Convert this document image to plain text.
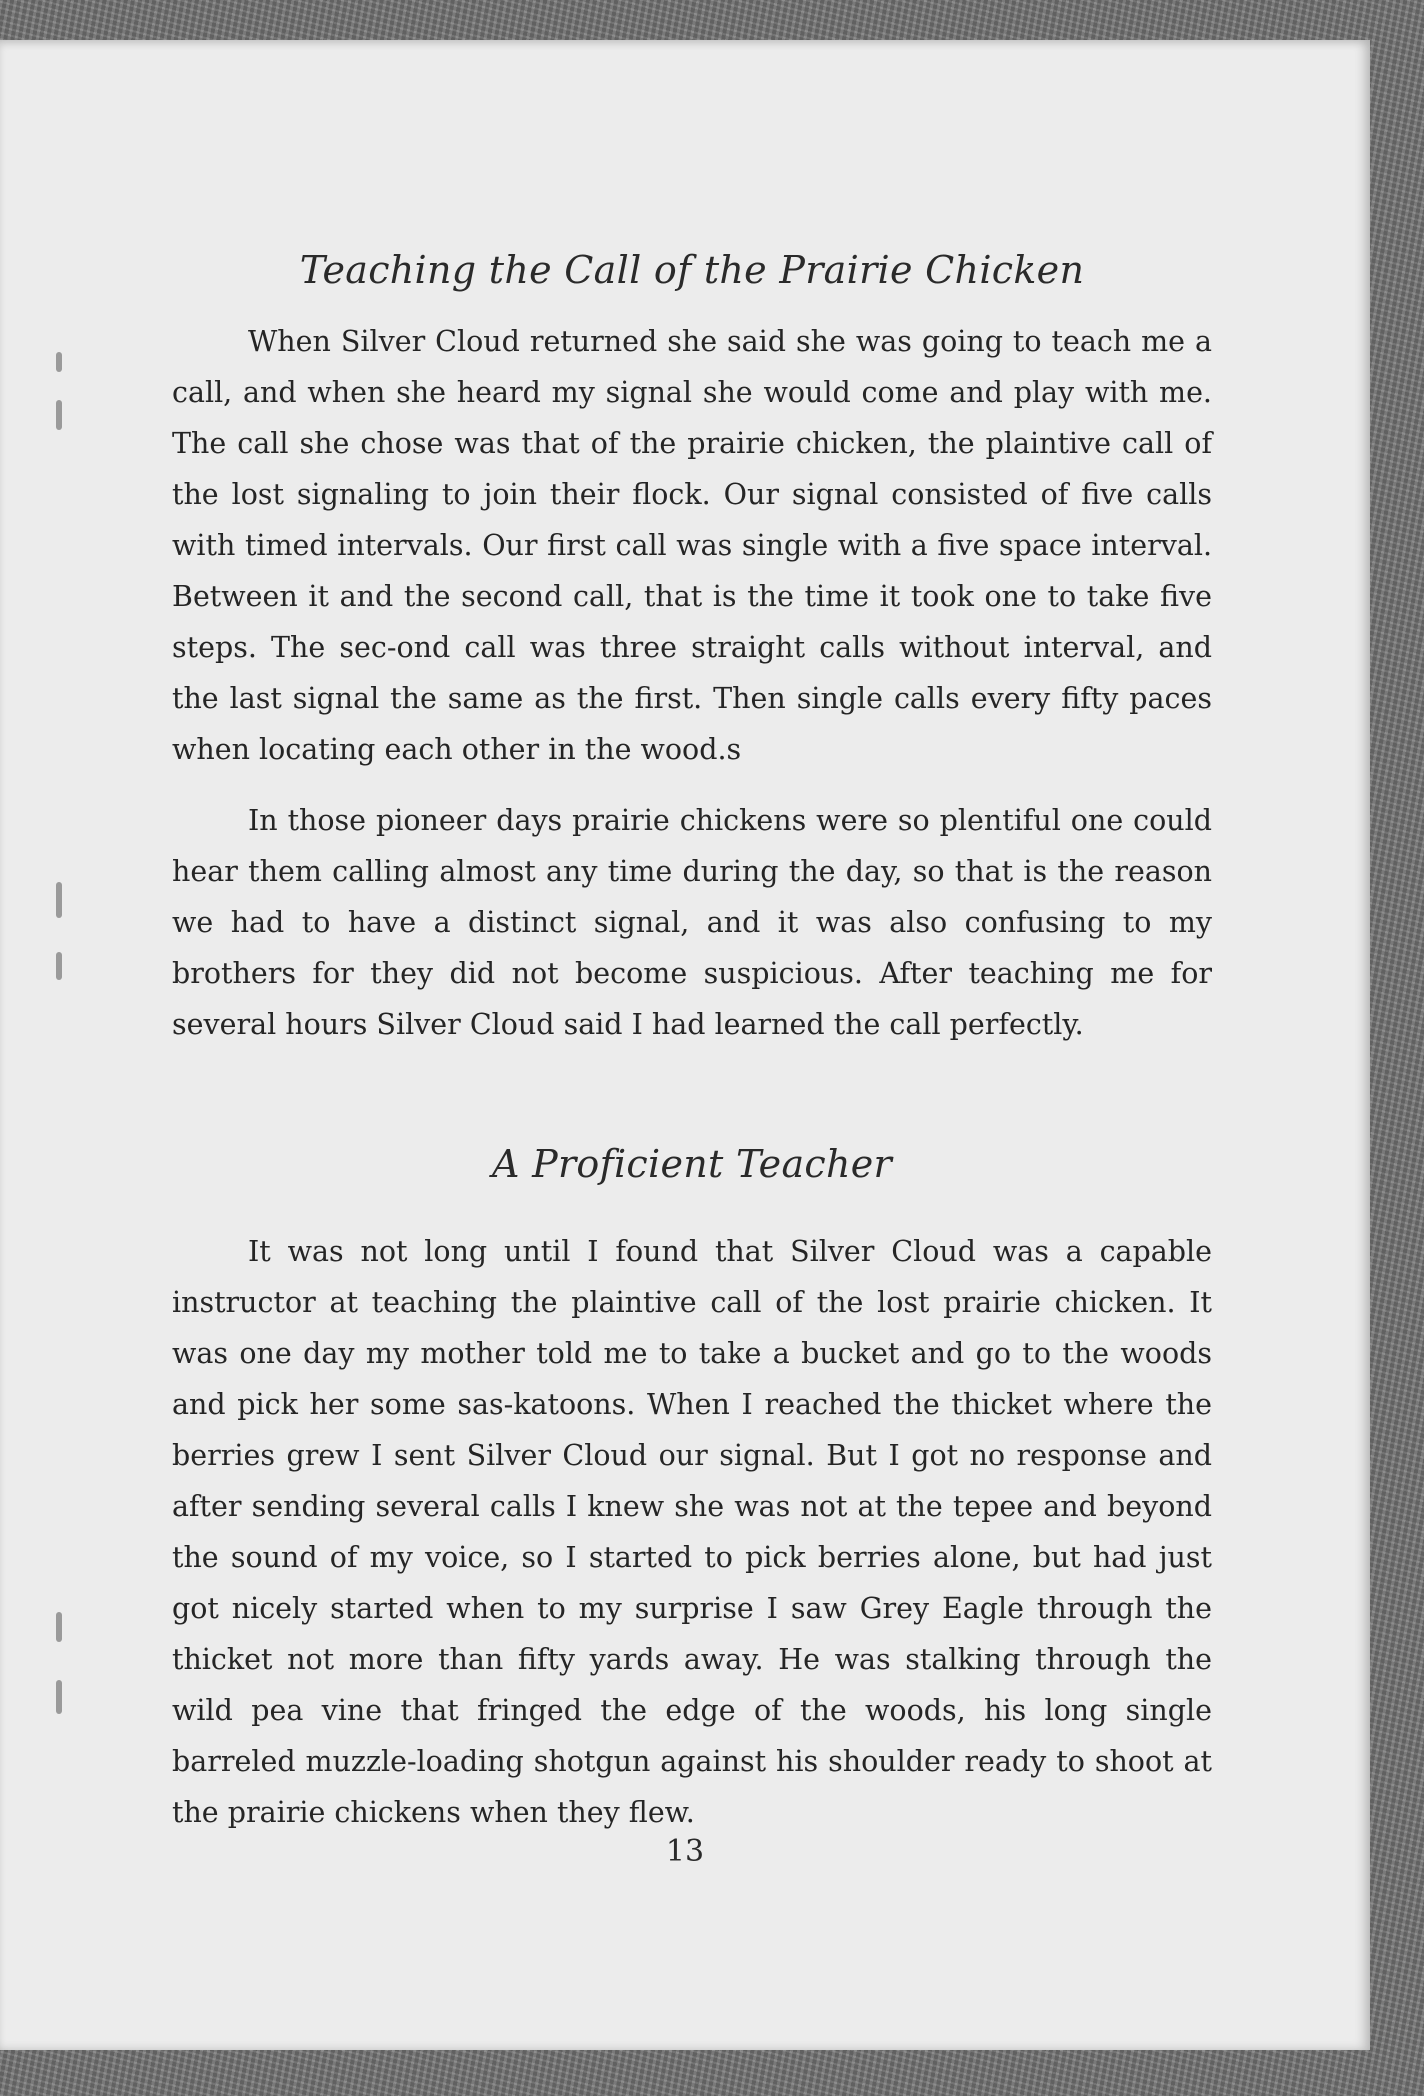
Teaching the Call of the Prairie Chicken

When Silver Cloud returned she said she was going to teach me a call, and when she heard my signal she would come and play with me. The call she chose was that of the prairie chicken, the plaintive call of the lost signaling to join their flock. Our signal consisted of five calls with timed intervals. Our first call was single with a five space interval. Between it and the second call, that is the time it took one to take five steps. The sec-ond call was three straight calls without interval, and the last signal the same as the first. Then single calls every fifty paces when locating each other in the wood.s

In those pioneer days prairie chickens were so plentiful one could hear them calling almost any time during the day, so that is the reason we had to have a distinct signal, and it was also confusing to my brothers for they did not become suspicious. After teaching me for several hours Silver Cloud said I had learned the call perfectly.

A Proficient Teacher

It was not long until I found that Silver Cloud was a capable instructor at teaching the plaintive call of the lost prairie chicken. It was one day my mother told me to take a bucket and go to the woods and pick her some sas-katoons. When I reached the thicket where the berries grew I sent Silver Cloud our signal. But I got no response and after sending several calls I knew she was not at the tepee and beyond the sound of my voice, so I started to pick berries alone, but had just got nicely started when to my surprise I saw Grey Eagle through the thicket not more than fifty yards away. He was stalking through the wild pea vine that fringed the edge of the woods, his long single barreled muzzle-loading shotgun against his shoulder ready to shoot at the prairie chickens when they flew.

13
